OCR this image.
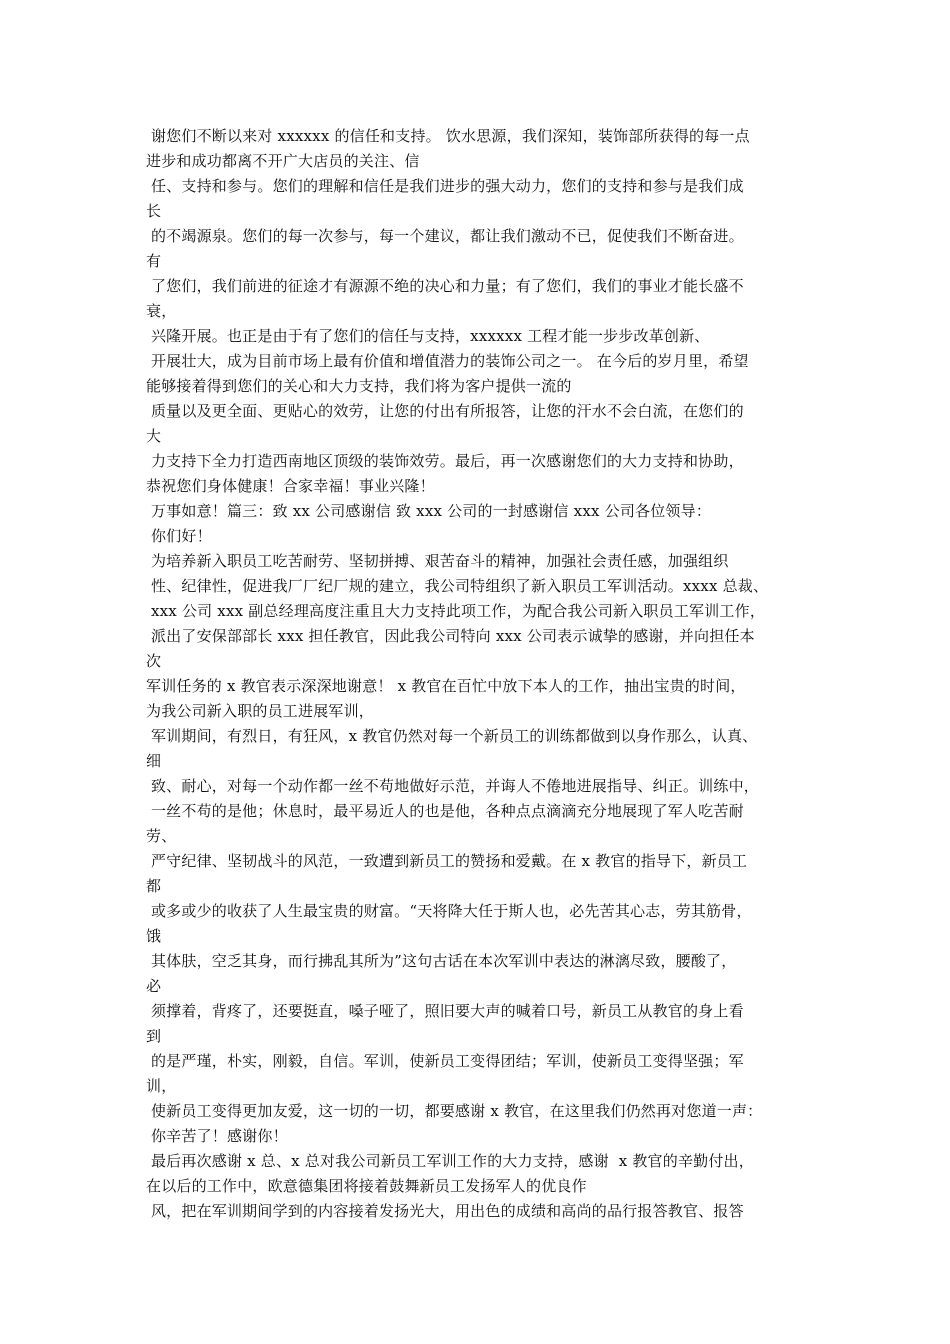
谢您们不断以来对 xxxxxx 的信任和支持。 饮水思源，我们深知，装饰部所获得的每一点
进步和成功都离不开广大店员的关注、信
任、支持和参与。您们的理解和信任是我们进步的强大动力，您们的支持和参与是我们成
长
的不竭源泉。您们的每一次参与，每一个建议，都让我们激动不已，促使我们不断奋进。
有
了您们，我们前进的征途才有源源不绝的决心和力量；有了您们，我们的事业才能长盛不
衰，
兴隆开展。也正是由于有了您们的信任与支持，xxxxxx 工程才能一步步改革创新、
开展壮大，成为目前市场上最有价值和增值潜力的装饰公司之一。 在今后的岁月里，希望
能够接着得到您们的关心和大力支持，我们将为客户提供一流的
质量以及更全面、更贴心的效劳，让您的付出有所报答，让您的汗水不会白流，在您们的
大
力支持下全力打造西南地区顶级的装饰效劳。最后，再一次感谢您们的大力支持和协助，
恭祝您们身体健康！合家幸福！事业兴隆！
万事如意！篇三：致 xx 公司感谢信 致 xxx 公司的一封感谢信 xxx 公司各位领导：
你们好！
为培养新入职员工吃苦耐劳、坚韧拼搏、艰苦奋斗的精神，加强社会责任感，加强组织
性、纪律性，促进我厂厂纪厂规的建立，我公司特组织了新入职员工军训活动。xxxx 总裁、
xxx 公司 xxx 副总经理高度注重且大力支持此项工作，为配合我公司新入职员工军训工作，
派出了安保部部长 xxx 担任教官，因此我公司特向 xxx 公司表示诚挚的感谢，并向担任本
次
军训任务的 x 教官表示深深地谢意！ x 教官在百忙中放下本人的工作，抽出宝贵的时间，
为我公司新入职的员工进展军训，
军训期间，有烈日，有狂风，x 教官仍然对每一个新员工的训练都做到以身作那么，认真、
细
致、耐心，对每一个动作都一丝不苟地做好示范，并诲人不倦地进展指导、纠正。训练中，
一丝不苟的是他；休息时，最平易近人的也是他，各种点点滴滴充分地展现了军人吃苦耐
劳、
严守纪律、坚韧战斗的风范，一致遭到新员工的赞扬和爱戴。在 x 教官的指导下，新员工
都
或多或少的收获了人生最宝贵的财富。“天将降大任于斯人也，必先苦其心志，劳其筋骨，
饿
其体肤，空乏其身，而行拂乱其所为”这句古话在本次军训中表达的淋漓尽致，腰酸了，
必
须撑着，背疼了，还要挺直，嗓子哑了，照旧要大声的喊着口号，新员工从教官的身上看
到
的是严瑾，朴实，刚毅，自信。军训，使新员工变得团结；军训，使新员工变得坚强；军
训，
使新员工变得更加友爱，这一切的一切，都要感谢 x 教官，在这里我们仍然再对您道一声：
你辛苦了！感谢你！
最后再次感谢 x 总、x 总对我公司新员工军训工作的大力支持，感谢  x 教官的辛勤付出，
在以后的工作中，欧意德集团将接着鼓舞新员工发扬军人的优良作
风，把在军训期间学到的内容接着发扬光大，用出色的成绩和高尚的品行报答教官、报答
